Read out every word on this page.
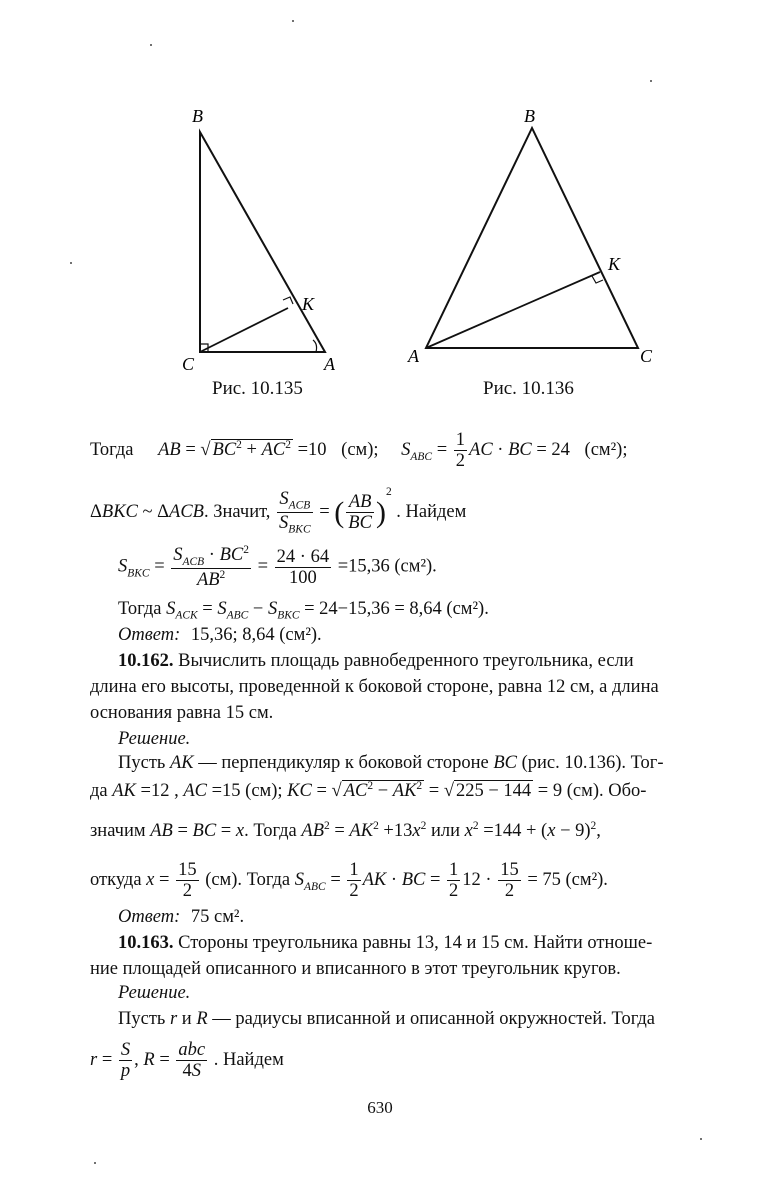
B
C	A
K
Рис. 10.135
B
A	C
K
Рис. 10.136
Тогда AB = √ $BC^2 + AC^2 =10$ (см); $S_{ABC} = \frac{1}{2}$ AC · BC = 24 (см²);
ΔBKC ~ ΔACB. Значит, $\frac{S_{ACB}}{S_{BKC}}$ = ( $\frac{AB}{BC} )^2$ . Найдем
$S_{BKC} = \frac{S_{ACB} \cdot BC^2}{AB^2} = \frac{24 \cdot 64}{100} =15,36$ (см²).
Тогда $S_{ACK} = S_{ABC} - S_{BKC} = 24-15,36 = 8,64$ (см²).
Ответ: 15,36; 8,64 (см²).
10.162. Вычислить площадь равнобедренного треугольника, если
длина его высоты, проведенной к боковой стороне, равна 12 см, а длина
основания равна 15 см.
Решение.
Пусть AK — перпендикуляр к боковой стороне BC (рис. 10.136). Тог-
да AK =12 , AC =15 (см); KC = √ $AC^2 - AK^2$ = √ 225 − 144 = 9 (см). Обо-
значим AB = BC = x. Тогда $AB^2 = AK^2 +13x^2$ или $x^2 =144 + (x - 9)^2$,
откуда $x = \frac{15}{2} (см)$. Тогда $S_{ABC} = \frac{1}{2}$ AK · BC = $\frac{1}{2} 12 \cdot \frac{15}{2} = 75$ (см²).
Ответ: 75 см².
10.163. Стороны треугольника равны 13, 14 и 15 см. Найти отноше-
ние площадей описанного и вписанного в этот треугольник кругов.
Решение.
Пусть r и R — радиусы вписанной и описанной окружностей. Тогда
$r = \frac{S}{p}$ , $R = \frac{\text{abc}}{4S}$ . Найдем
630
